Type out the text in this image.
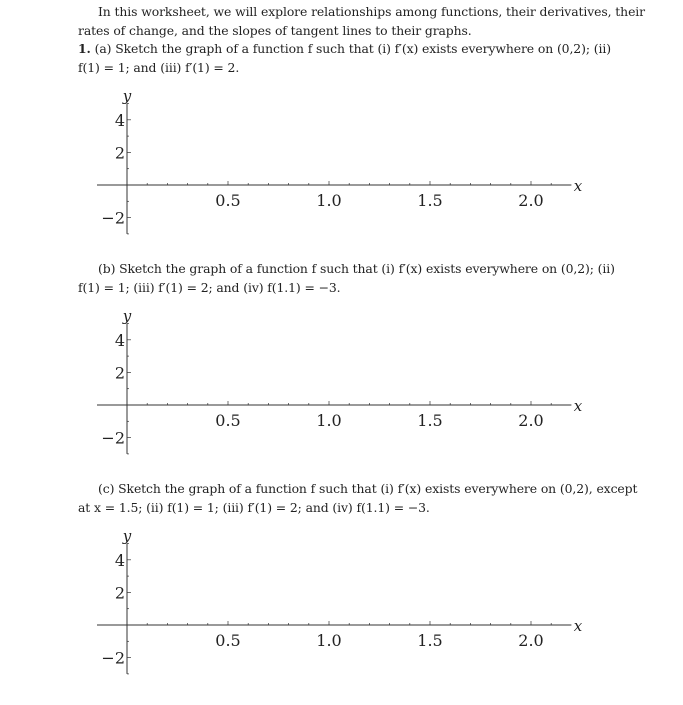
In this worksheet, we will explore relationships among functions, their derivatives, their
rates of change, and the slopes of tangent lines to their graphs.
1. (a) Sketch the graph of a function f such that (i) f′(x) exists everywhere on (0,2); (ii)
f(1) = 1; and (iii) f′(1) = 2.
0.5	1.0	1.5	2.0
4
2
−2
y
x
(b) Sketch the graph of a function f such that (i) f′(x) exists everywhere on (0,2); (ii)
f(1) = 1; (iii) f′(1) = 2; and (iv) f(1.1) = −3.
0.5	1.0	1.5	2.0
4
2
−2
y
x
(c) Sketch the graph of a function f such that (i) f′(x) exists everywhere on (0,2), except
at x = 1.5; (ii) f(1) = 1; (iii) f′(1) = 2; and (iv) f(1.1) = −3.
0.5	1.0	1.5	2.0
4
2
−2
y
x
